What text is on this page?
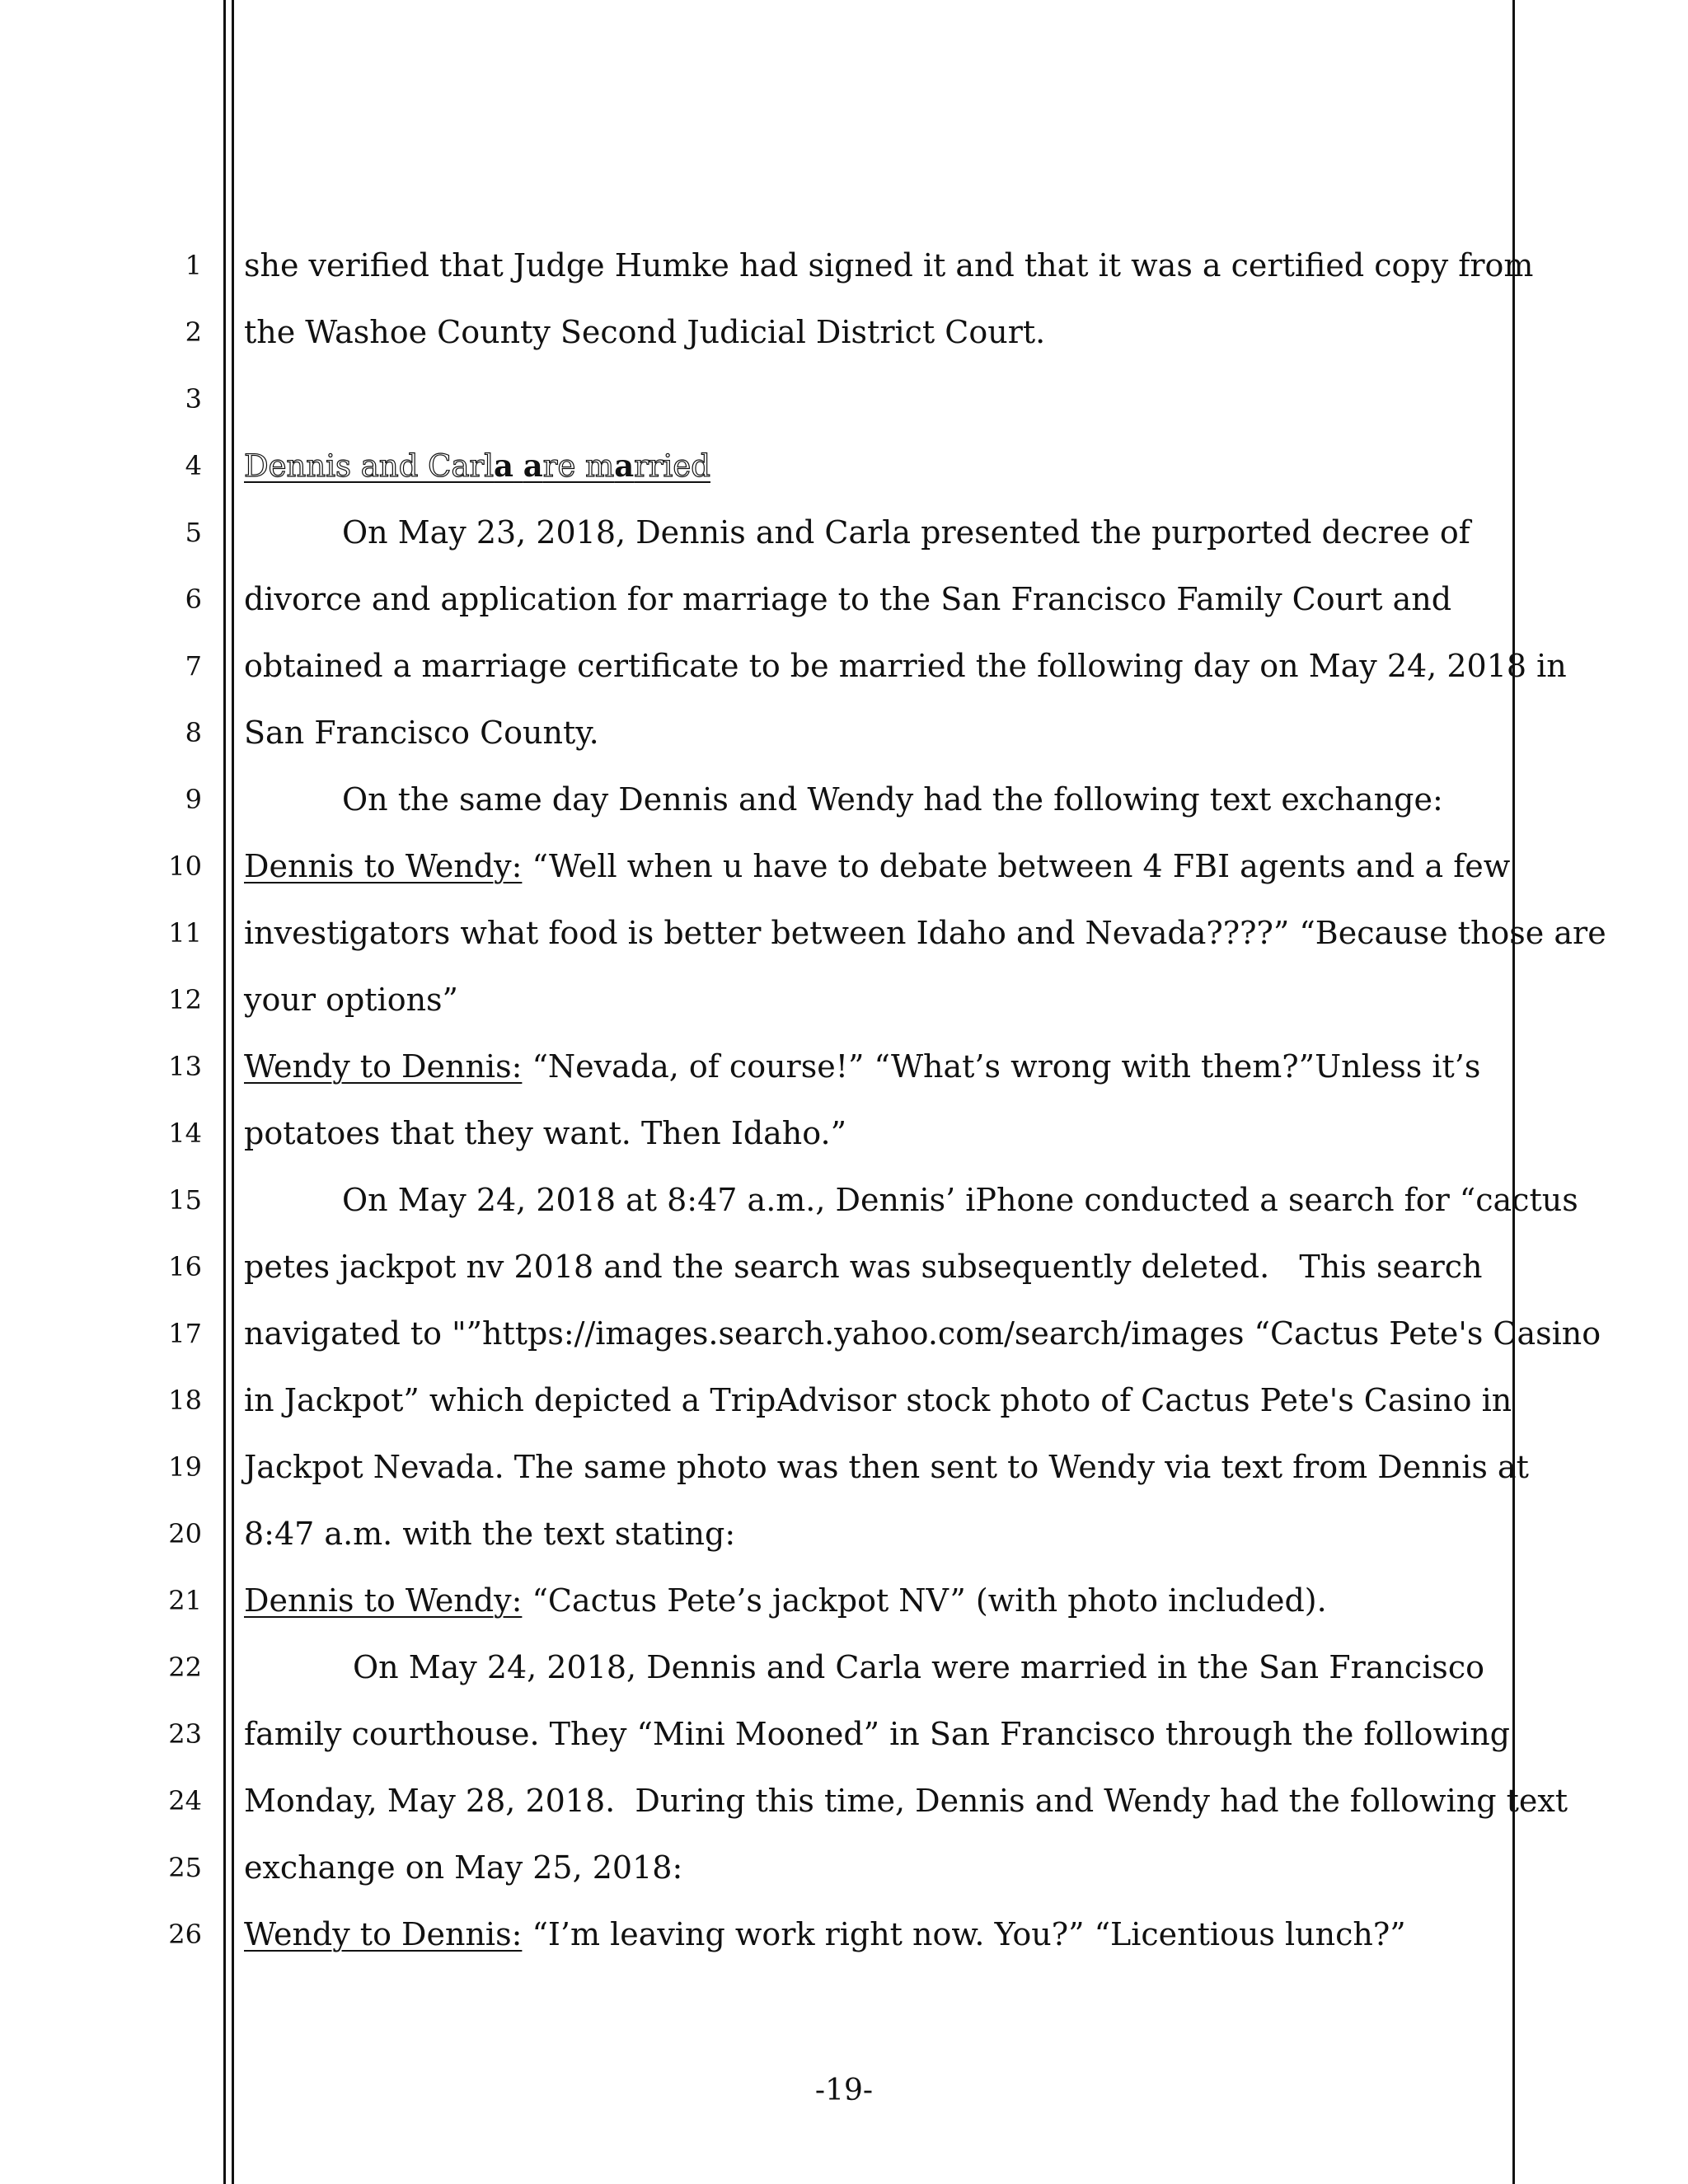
1
2
3
4
5
6
7
8
9
10
11
12
13
14
15
16
17
18
19
20
21
22
23
24
25
26
she verified that Judge Humke had signed it and that it was a certified copy from
the Washoe County Second Judicial District Court.
Dennis and Carla are married
On May 23, 2018, Dennis and Carla presented the purported decree of
divorce and application for marriage to the San Francisco Family Court and
obtained a marriage certificate to be married the following day on May 24, 2018 in
San Francisco County.
On the same day Dennis and Wendy had the following text exchange:
Dennis to Wendy: “Well when u have to debate between 4 FBI agents and a few
investigators what food is better between Idaho and Nevada????” “Because those are
your options”
Wendy to Dennis: “Nevada, of course!” “What’s wrong with them?”Unless it’s
potatoes that they want. Then Idaho.”
On May 24, 2018 at 8:47 a.m., Dennis’ iPhone conducted a search for “cactus
petes jackpot nv 2018 and the search was subsequently deleted.   This search
navigated to "”https://images.search.yahoo.com/search/images “Cactus Pete's Casino
in Jackpot” which depicted a TripAdvisor stock photo of Cactus Pete's Casino in
Jackpot Nevada. The same photo was then sent to Wendy via text from Dennis at
8:47 a.m. with the text stating:
Dennis to Wendy: “Cactus Pete’s jackpot NV” (with photo included).
On May 24, 2018, Dennis and Carla were married in the San Francisco
family courthouse. They “Mini Mooned” in San Francisco through the following
Monday, May 28, 2018.  During this time, Dennis and Wendy had the following text
exchange on May 25, 2018:
Wendy to Dennis: “I’m leaving work right now. You?” “Licentious lunch?”
-19-
